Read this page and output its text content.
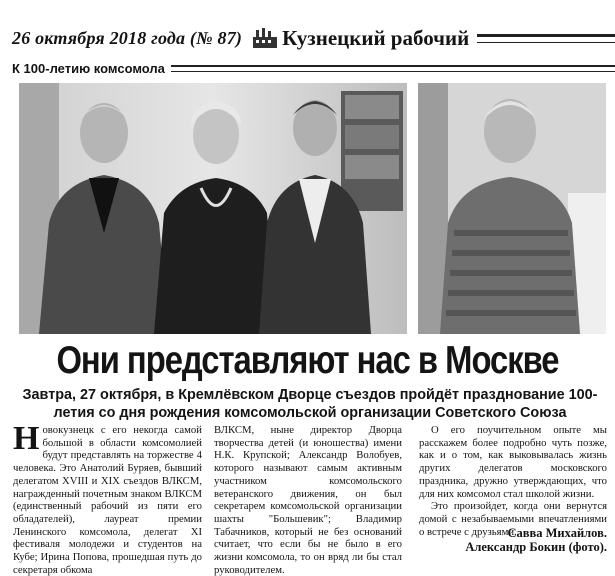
26 октября 2018 года (№ 87) Кузнецкий рабочий
К 100-летию комсомола
Они представляют нас в Москве
Завтра, 27 октября, в Кремлёвском Дворце съездов пройдёт празднование 100-летия со дня рождения комсомольской организации Советского Союза
Н овокузнецк с его некогда самой большой в области комсомолией будут представлять на торжестве 4 человека. Это Анатолий Буряев, бывший делегатом XVIII и XIX съездов ВЛКСМ, награжденный почетным знаком ВЛКСМ (единственный рабочий из пяти его обладателей), лауреат премии Ленинского комсомола, делегат XI фестиваля молодежи и студентов на Кубе; Ирина Попова, прошедшая путь до секретаря обкома

ВЛКСМ, ныне директор Дворца творчества детей (и юношества) имени Н.К. Крупской; Александр Волобуев, которого называют самым активным участником комсомольского ветеранского движения, он был секретарем комсомольской организации шахты "Большевик"; Владимир Табачников, который не без оснований считает, что если бы не было в его жизни комсомола, то он вряд ли бы стал руководителем.

О его поучительном опыте мы расскажем более подробно чуть позже, как и о том, как выковывалась жизнь других делегатов московского праздника, дружно утверждающих, что для них комсомол стал школой жизни.

Это произойдет, когда они вернутся домой с незабываемыми впечатлениями о встрече с друзьями.

Савва Михайлов.
Александр Бокин (фото).
